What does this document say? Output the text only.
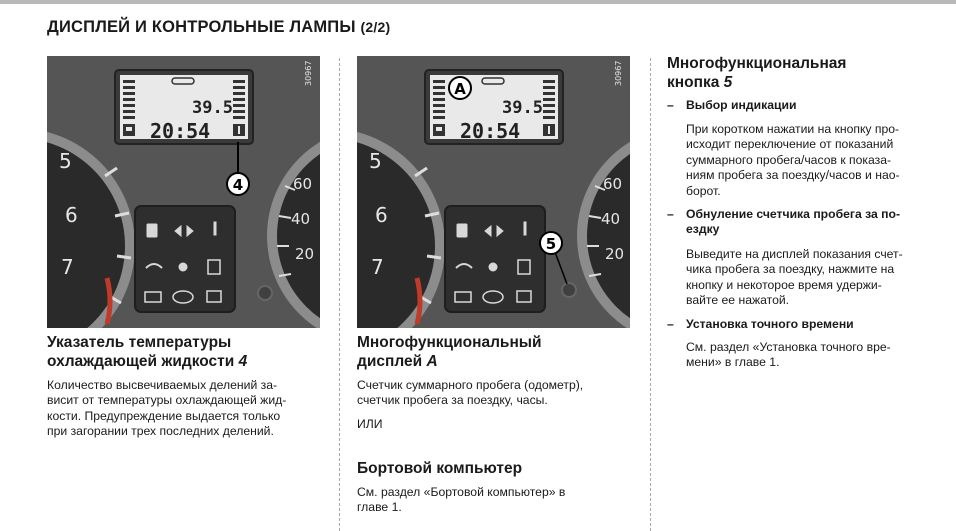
ДИСПЛЕЙ И КОНТРОЛЬНЫЕ ЛАМПЫ (2/2)
5
6
7
60
40
20
39.5
20:54
30967
4
5
6
7
60
40
20
39.5
20:54
30967
A
5
Указатель температуры
охлаждающей жидкости 4

Количество высвечиваемых делений за-
висит от температуры охлаждающей жид-
кости. Предупреждение выдается только
при загорании трех последних делений.

Многофункциональный
дисплей A

Счетчик суммарного пробега (одометр),
счетчик пробега за поездку, часы.

ИЛИ

Бортовой компьютер

См. раздел «Бортовой компьютер» в
главе 1.

Многофункциональная
кнопка 5

– Выбор индикации

При коротком нажатии на кнопку про-
исходит переключение от показаний
суммарного пробега/часов к показа-
ниям пробега за поездку/часов и нао-
борот.

– Обнуление счетчика пробега за по-
ездку

Выведите на дисплей показания счет-
чика пробега за поездку, нажмите на
кнопку и некоторое время удержи-
вайте ее нажатой.

– Установка точного времени

См. раздел «Установка точного вре-
мени» в главе 1.
